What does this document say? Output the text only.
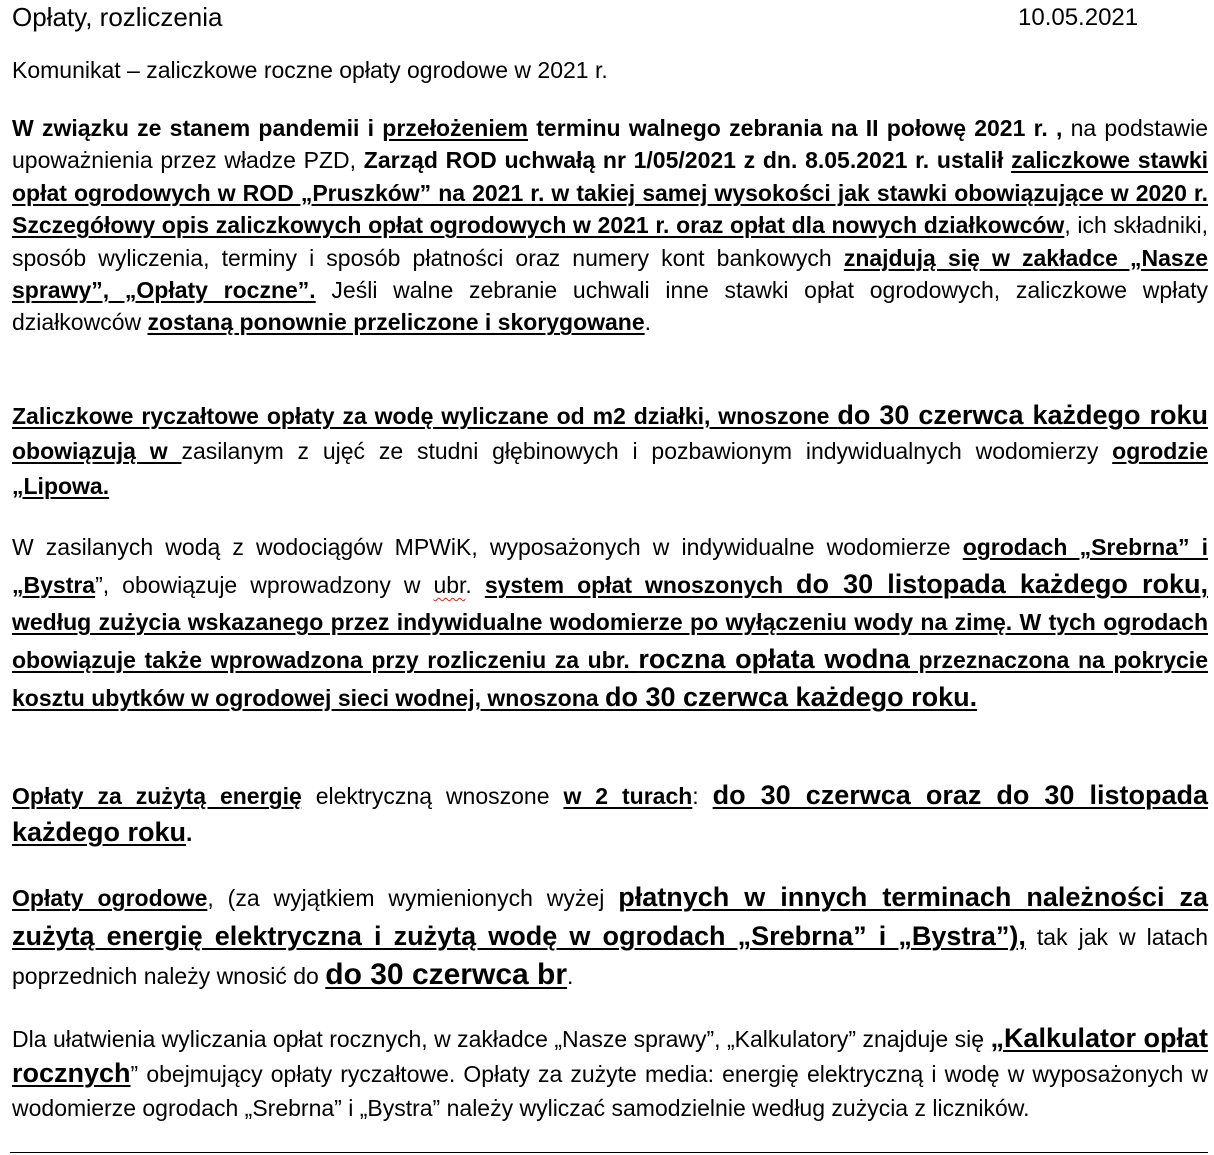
Opłaty, rozliczenia	10.05.2021
Komunikat – zaliczkowe roczne opłaty ogrodowe w 2021 r.
W związku ze stanem pandemii i przełożeniem terminu walnego zebrania na II połowę 2021 r. , na podstawie upoważnienia przez władze PZD, Zarząd ROD uchwałą nr 1/05/2021 z dn. 8.05.2021 r. ustalił zaliczkowe stawki opłat ogrodowych w ROD „Pruszków” na 2021 r. w takiej samej wysokości jak stawki obowiązujące w 2020 r. Szczegółowy opis zaliczkowych opłat ogrodowych w 2021 r. oraz opłat dla nowych działkowców, ich składniki, sposób wyliczenia, terminy i sposób płatności oraz numery kont bankowych znajdują się w zakładce „Nasze sprawy”, „Opłaty roczne”. Jeśli walne zebranie uchwali inne stawki opłat ogrodowych, zaliczkowe wpłaty działkowców zostaną ponownie przeliczone i skorygowane.
Zaliczkowe ryczałtowe opłaty za wodę wyliczane od m2 działki, wnoszone do 30 czerwca każdego roku obowiązują w zasilanym z ujęć ze studni głębinowych i pozbawionym indywidualnych wodomierzy ogrodzie „Lipowa.
W zasilanych wodą z wodociągów MPWiK, wyposażonych w indywidualne wodomierze ogrodach „Srebrna” i „Bystra”, obowiązuje wprowadzony w ubr. system opłat wnoszonych do 30 listopada każdego roku, według zużycia wskazanego przez indywidualne wodomierze po wyłączeniu wody na zimę. W tych ogrodach obowiązuje także wprowadzona przy rozliczeniu za ubr. roczna opłata wodna przeznaczona na pokrycie kosztu ubytków w ogrodowej sieci wodnej, wnoszona do 30 czerwca każdego roku.
Opłaty za zużytą energię elektryczną wnoszone w 2 turach: do 30 czerwca oraz do 30 listopada każdego roku.
Opłaty ogrodowe, (za wyjątkiem wymienionych wyżej płatnych w innych terminach należności za zużytą energię elektryczna i zużytą wodę w ogrodach „Srebrna” i „Bystra”), tak jak w latach poprzednich należy wnosić do do 30 czerwca br.
Dla ułatwienia wyliczania opłat rocznych, w zakładce „Nasze sprawy”, „Kalkulatory” znajduje się „Kalkulator opłat rocznych” obejmujący opłaty ryczałtowe. Opłaty za zużyte media: energię elektryczną i wodę w wyposażonych w wodomierze ogrodach „Srebrna” i „Bystra” należy wyliczać samodzielnie według zużycia z liczników.
